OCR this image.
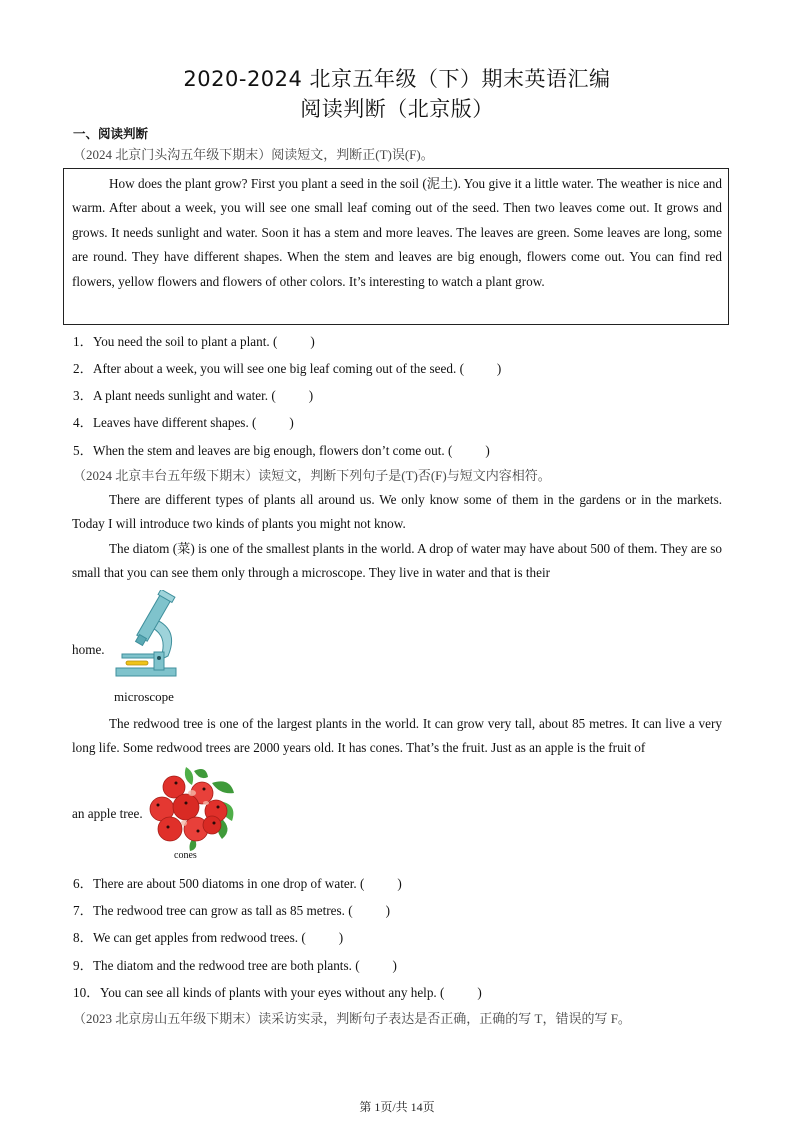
2020-2024 北京五年级（下）期末英语汇编
阅读判断（北京版）
一、阅读判断
（2024 北京门头沟五年级下期末）阅读短文，判断正(T)误(F)。
How does the plant grow? First you plant a seed in the soil (泥土). You give it a little water. The weather is nice and warm. After about a week, you will see one small leaf coming out of the seed. Then two leaves come out. It grows and grows. It needs sunlight and water. Soon it has a stem and more leaves. The leaves are green. Some leaves are long, some are round. They have different shapes. When the stem and leaves are big enough, flowers come out. You can find red flowers, yellow flowers and flowers of other colors. It’s interesting to watch a plant grow.
1．You need the soil to plant a plant. (          )
2．After about a week, you will see one big leaf coming out of the seed. (          )
3．A plant needs sunlight and water. (          )
4．Leaves have different shapes. (          )
5．When the stem and leaves are big enough, flowers don’t come out. (          )
（2024 北京丰台五年级下期末）读短文，判断下列句子是(T)否(F)与短文内容相符。
There are different types of plants all around us. We only know some of them in the gardens or in the markets. Today I will introduce two kinds of plants you might not know.
The diatom (菜) is one of the smallest plants in the world. A drop of water may have about 500 of them. They are so small that you can see them only through a microscope. They live in water and that is their
home.
microscope
The redwood tree is one of the largest plants in the world. It can grow very tall, about 85 metres. It can live a very long life. Some redwood trees are 2000 years old. It has cones. That’s the fruit. Just as an apple is the fruit of
an apple tree.
cones
6．There are about 500 diatoms in one drop of water. (          )
7．The redwood tree can grow as tall as 85 metres. (          )
8．We can get apples from redwood trees. (          )
9．The diatom and the redwood tree are both plants. (          )
10．You can see all kinds of plants with your eyes without any help. (          )
（2023 北京房山五年级下期末）读采访实录，判断句子表达是否正确，正确的写 T，错误的写 F。
第 1页/共 14页
